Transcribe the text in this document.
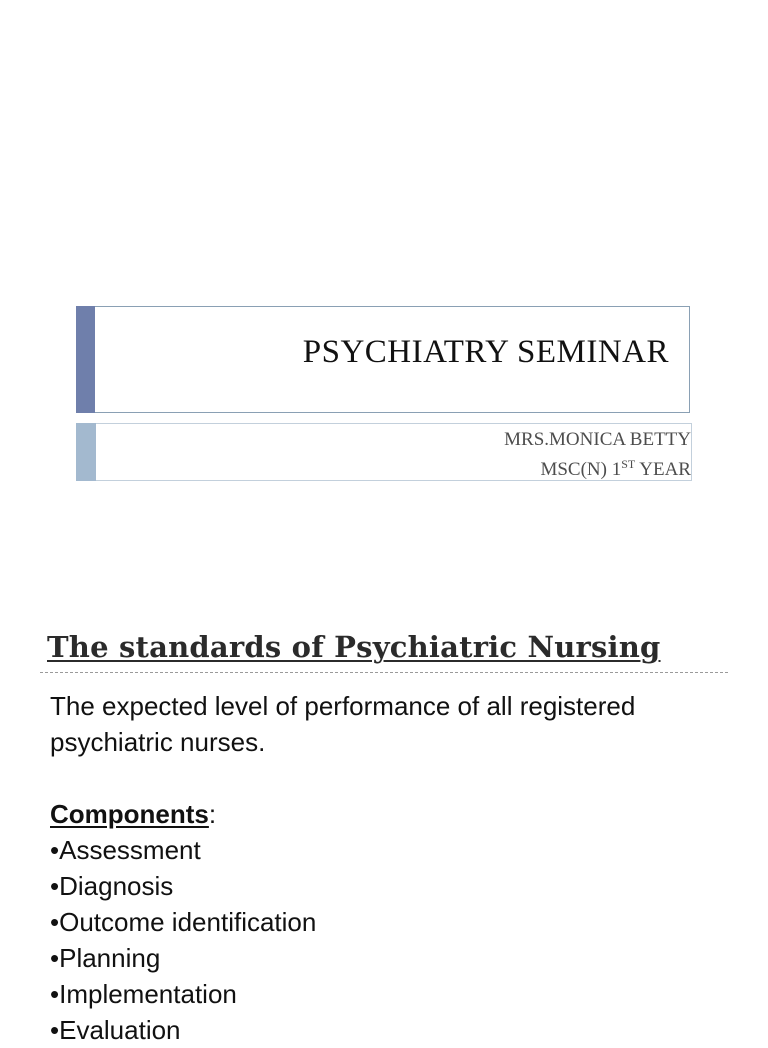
PSYCHIATRY SEMINAR
MRS.MONICA BETTY
MSC(N) 1ST YEAR
The standards of Psychiatric Nursing
The expected level of performance of all registered psychiatric nurses.
Components:
•Assessment
•Diagnosis
•Outcome identification
•Planning
•Implementation
•Evaluation
